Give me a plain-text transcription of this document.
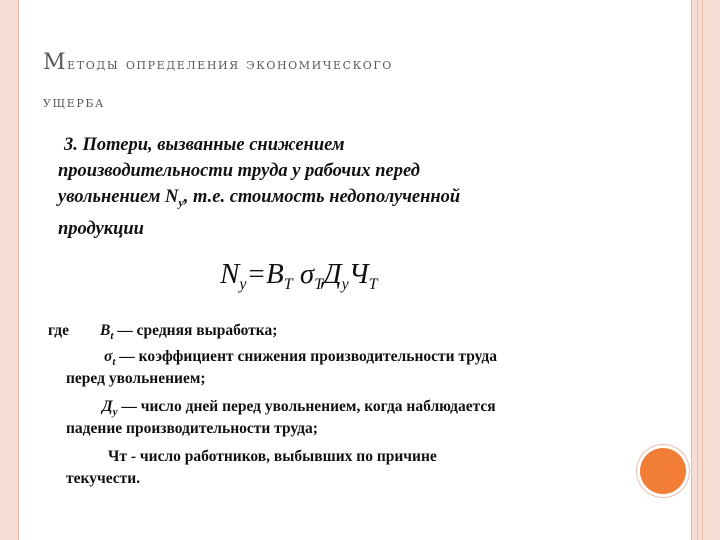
Методы определения экономического
ущерба
3. Потери, вызванные снижением
производительности труда у рабочих перед
увольнением $N_у$, т.е. стоимость недополученной
продукции
$N_у=В_Т$ $\sigma_ТД_уЧ_Т$
где $В_t$ — средняя выработка;
$\sigma_t$ — коэффициент снижения производительности труда
перед увольнением;
$Д_у$ — число дней перед увольнением, когда наблюдается
падение производительности труда;
Чт - число работников, выбывших по причине
текучести.
